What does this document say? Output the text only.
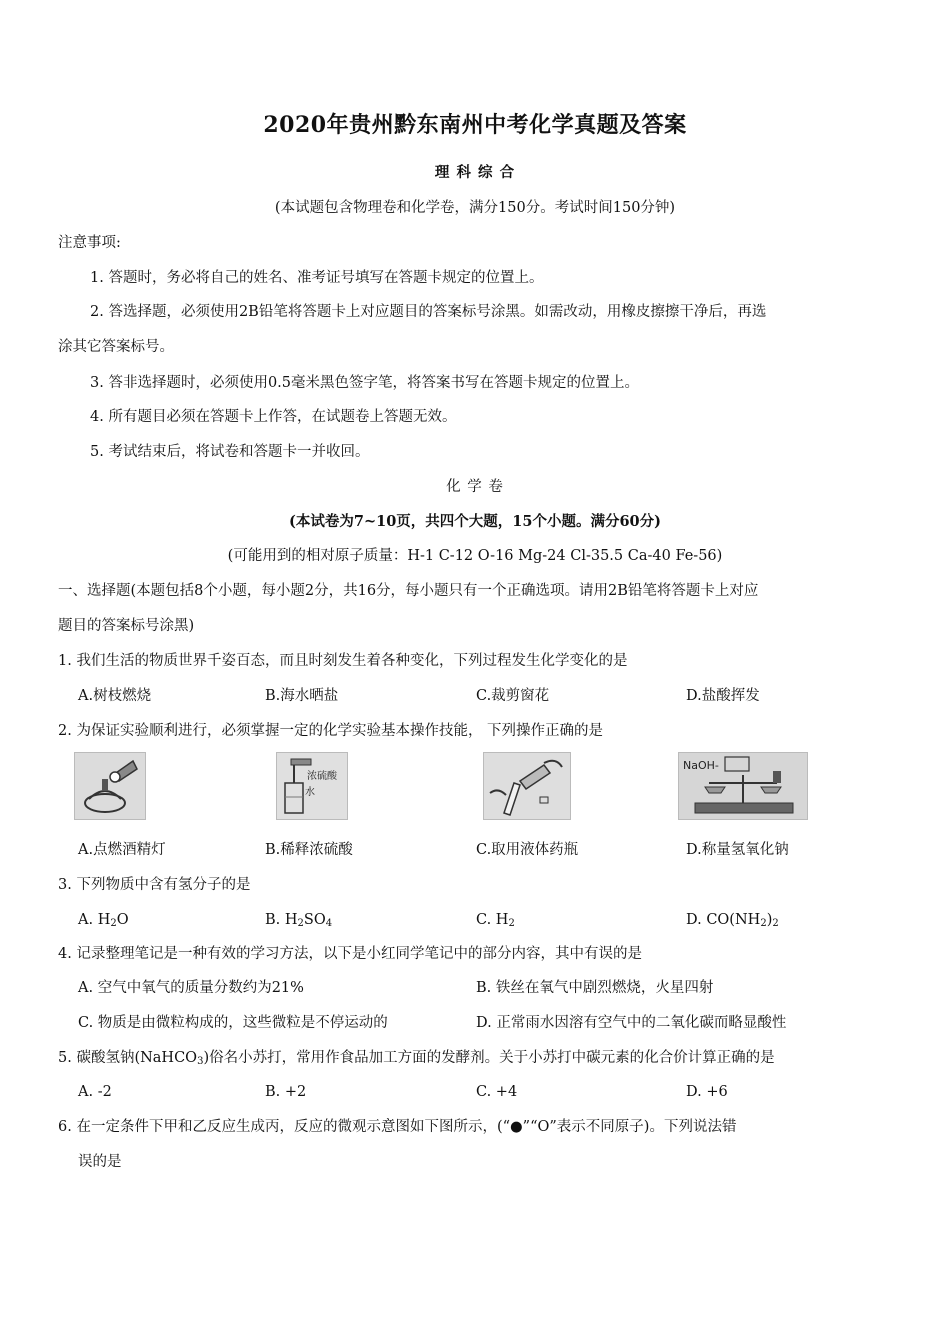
2020年贵州黔东南州中考化学真题及答案
理 科 综 合
(本试题包含物理卷和化学卷，满分150分。考试时间150分钟)
注意事项:
1. 答题时，务必将自己的姓名、准考证号填写在答题卡规定的位置上。
2. 答选择题，必须使用2B铅笔将答题卡上对应题目的答案标号涂黑。如需改动，用橡皮擦擦干净后，再选
涂其它答案标号。
3. 答非选择题时，必须使用0.5毫米黑色签字笔，将答案书写在答题卡规定的位置上。
4. 所有题目必须在答题卡上作答，在试题卷上答题无效。
5. 考试结束后，将试卷和答题卡一并收回。
化 学 卷
(本试卷为7~10页，共四个大题，15个小题。满分60分)
(可能用到的相对原子质量：H-1 C-12 O-16 Mg-24 Cl-35.5 Ca-40 Fe-56)
一、选择题(本题包括8个小题，每小题2分，共16分，每小题只有一个正确选项。请用2B铅笔将答题卡上对应
题目的答案标号涂黑)
1. 我们生活的物质世界千姿百态，而且时刻发生着各种变化，下列过程发生化学变化的是
A.树枝燃烧	B.海水晒盐	C.裁剪窗花	D.盐酸挥发
2. 为保证实验顺利进行，必须掌握一定的化学实验基本操作技能， 下列操作正确的是
浓硫酸
水
NaOH-
A.点燃酒精灯	B.稀释浓硫酸	C.取用液体药瓶	D.称量氢氧化钠
3. 下列物质中含有氢分子的是
A. $H_2O$	B. $H_2SO_4$	C. $H_2$	D. $CO(NH_2)_2$
4. 记录整理笔记是一种有效的学习方法，以下是小红同学笔记中的部分内容，其中有误的是
A. 空气中氧气的质量分数约为21%	B. 铁丝在氧气中剧烈燃烧，火星四射
C. 物质是由微粒构成的，这些微粒是不停运动的	D. 正常雨水因溶有空气中的二氧化碳而略显酸性
5. 碳酸氢钠(NaHCO$_3$)俗名小苏打，常用作食品加工方面的发酵剂。关于小苏打中碳元素的化合价计算正确的是
A. -2	B. +2	C. +4	D. +6
6. 在一定条件下甲和乙反应生成丙，反应的微观示意图如下图所示，(“●”“O”表示不同原子)。下列说法错
误的是
